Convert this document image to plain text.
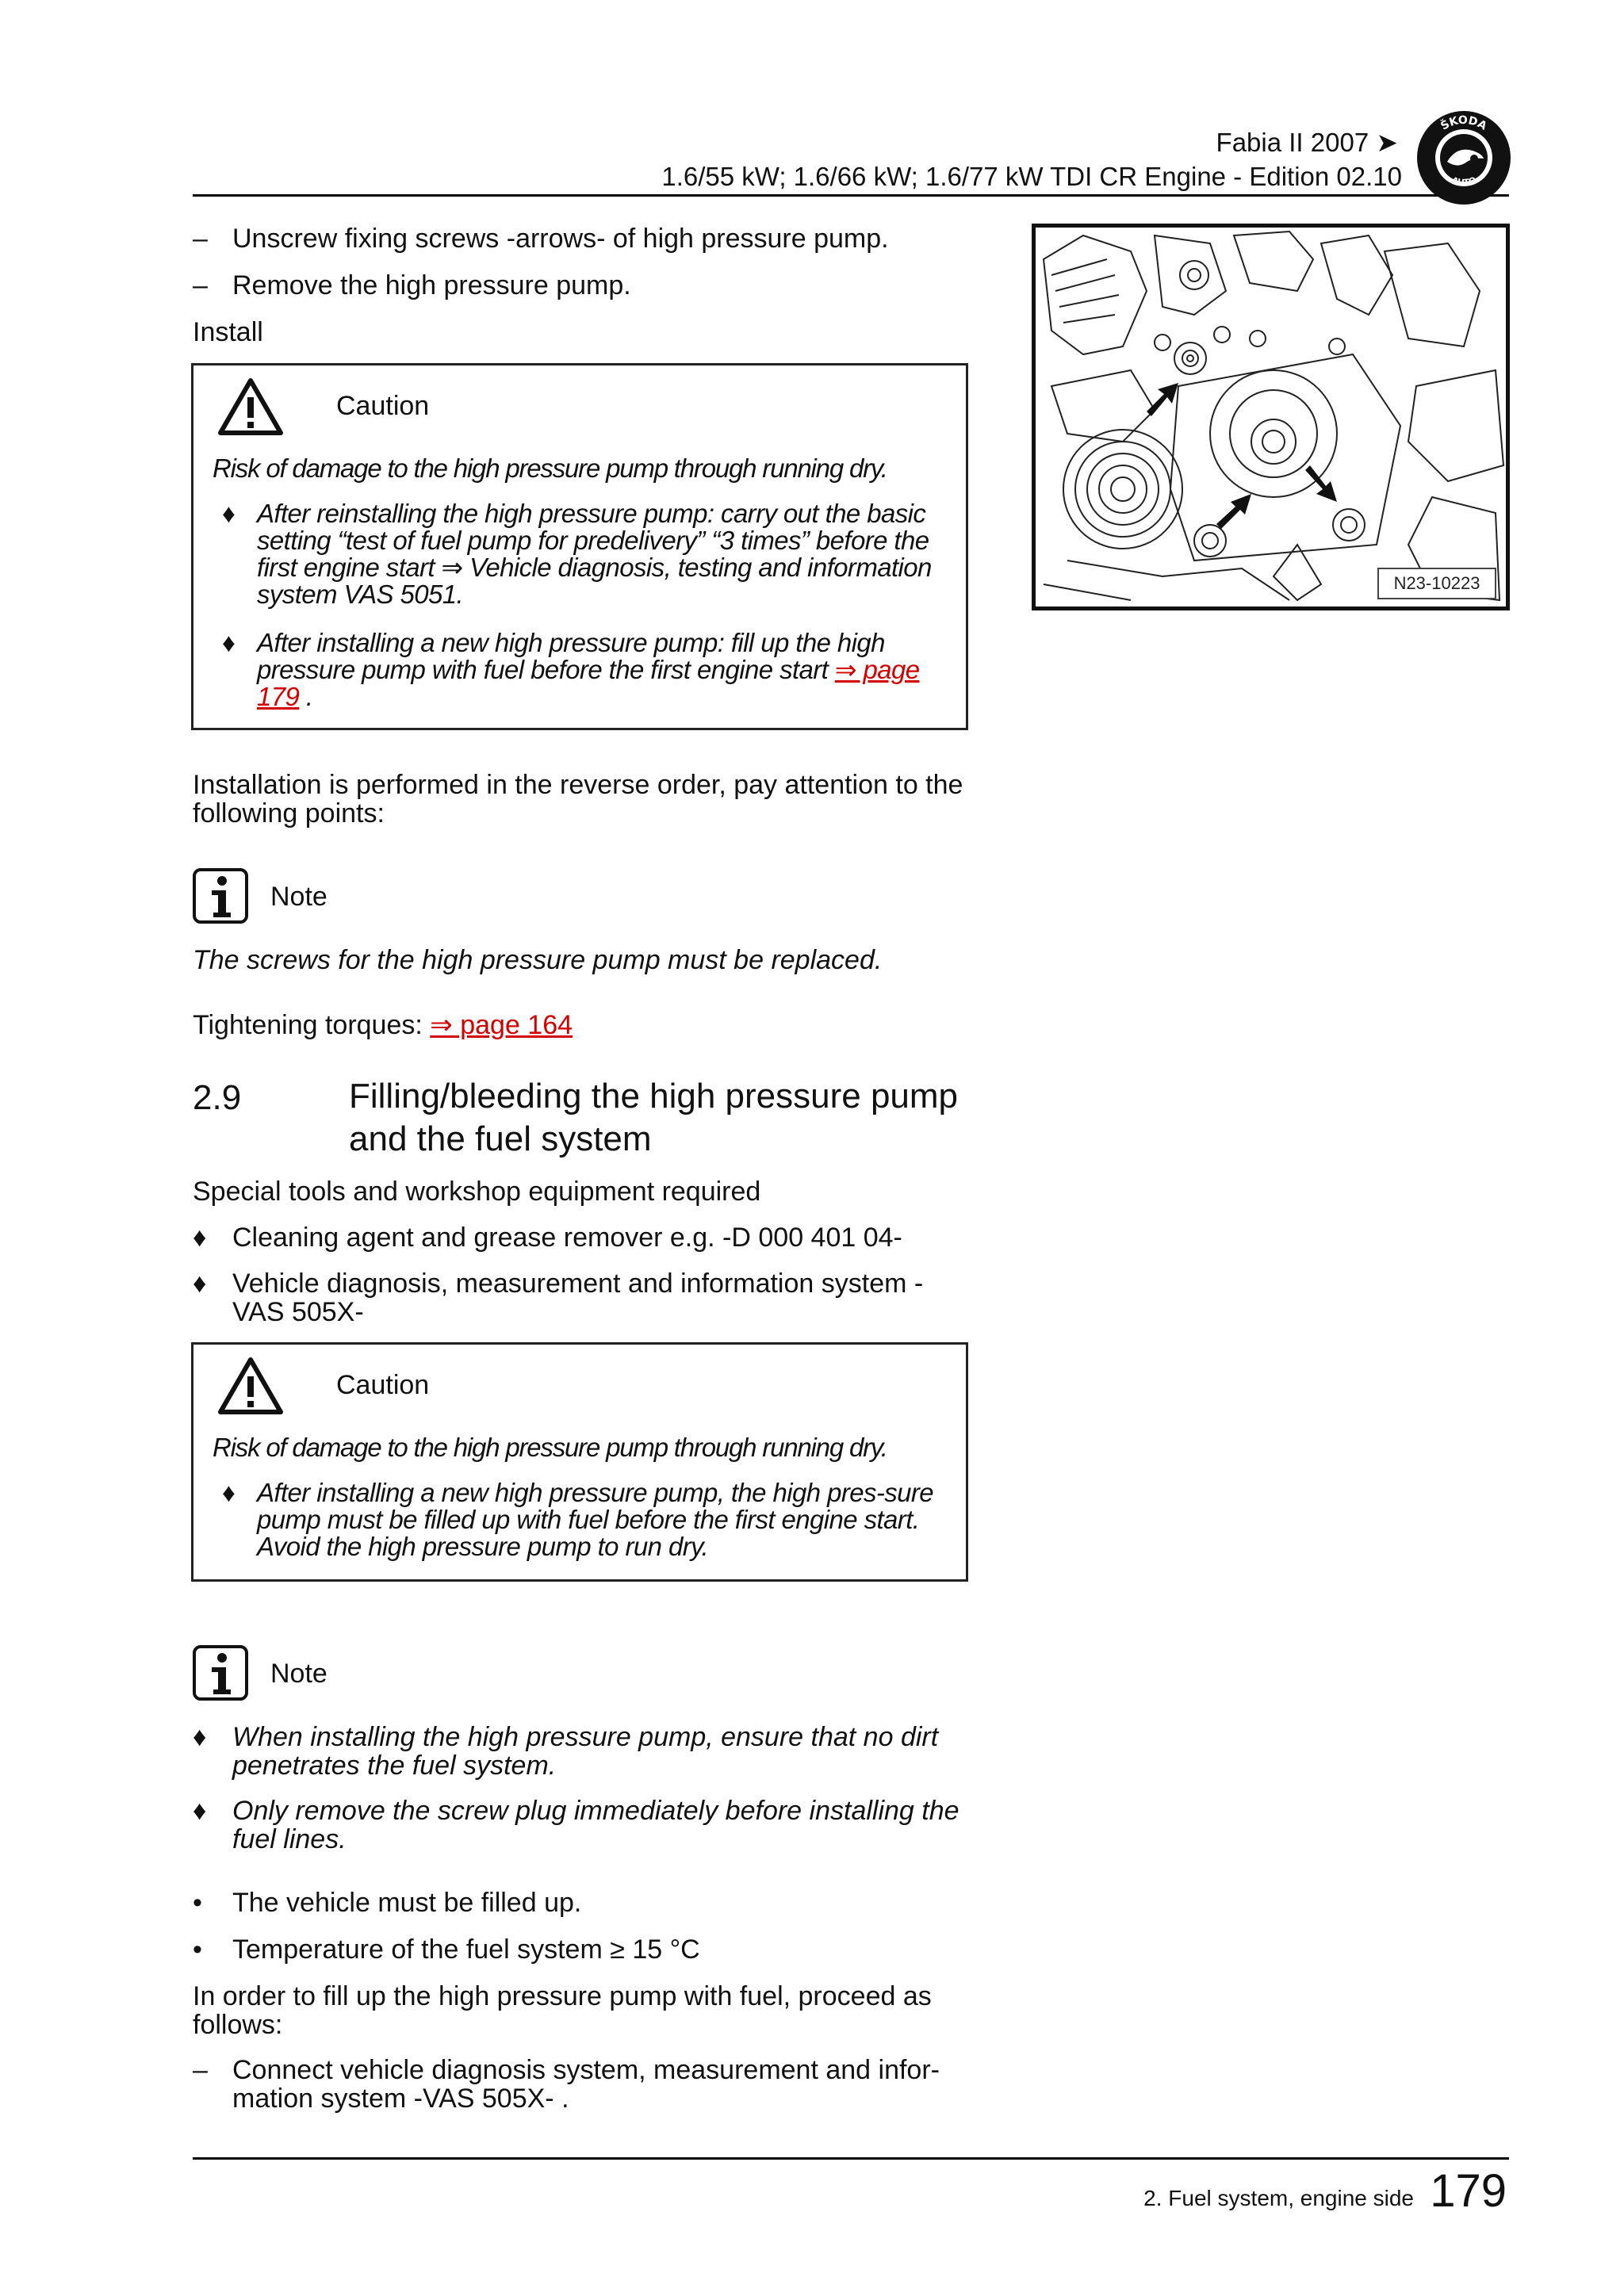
Fabia II 2007 ➤
1.6/55 kW; 1.6/66 kW; 1.6/77 kW TDI CR Engine - Edition 02.10
ŠKODA
AUTO
– Unscrew fixing screws -arrows- of high pressure pump.
– Remove the high pressure pump.
Install
Caution
Risk of damage to the high pressure pump through running dry.
♦ After reinstalling the high pressure pump: carry out the basic setting “test of fuel pump for predelivery” “3 times” before the first engine start ⇒ Vehicle diagnosis, testing and information system VAS 5051.
♦ After installing a new high pressure pump: fill up the high pressure pump with fuel before the first engine start ⇒ page 179 .
Installation is performed in the reverse order, pay attention to the following points:
Note
The screws for the high pressure pump must be replaced.
Tightening torques: ⇒ page 164
2.9	Filling/bleeding the high pressure pump
and the fuel system
Special tools and workshop equipment required
♦ Cleaning agent and grease remover e.g. -D 000 401 04-
♦ Vehicle diagnosis, measurement and information system -VAS 505X-
Caution
Risk of damage to the high pressure pump through running dry.
♦ After installing a new high pressure pump, the high pres-sure pump must be filled up with fuel before the first engine start. Avoid the high pressure pump to run dry.
Note
♦ When installing the high pressure pump, ensure that no dirt penetrates the fuel system.
♦ Only remove the screw plug immediately before installing the fuel lines.
• The vehicle must be filled up.
• Temperature of the fuel system ≥ 15 °C
In order to fill up the high pressure pump with fuel, proceed as follows:
– Connect vehicle diagnosis system, measurement and infor-mation system -VAS 505X- .
N23-10223
2. Fuel system, engine side 179
